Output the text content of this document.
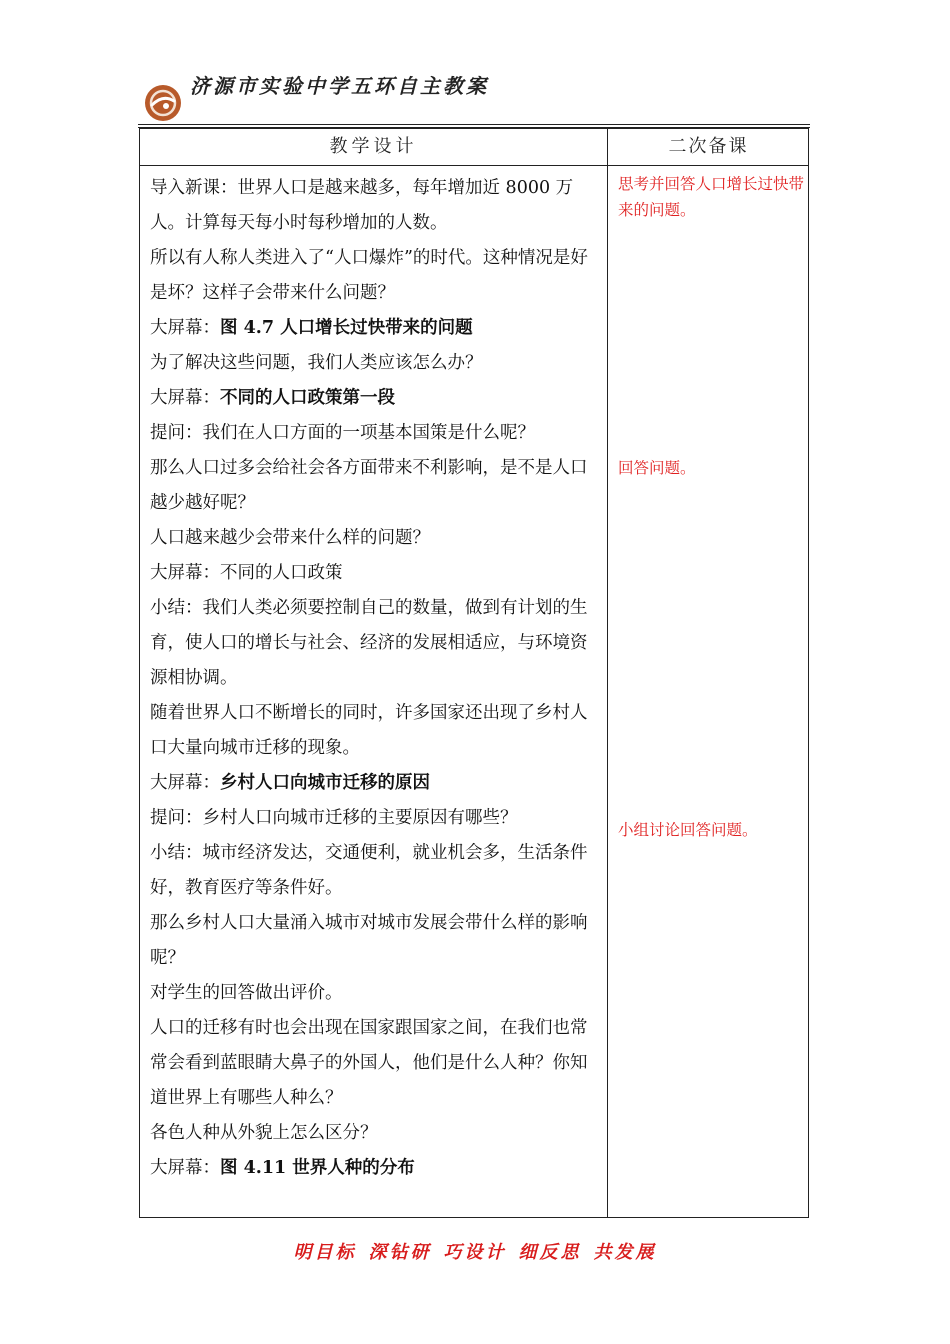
济源市实验中学五环自主教案
教学设计	二次备课

导入新课：世界人口是越来越多，每年增加近 8000 万人。计算每天每小时每秒增加的人数。

所以有人称人类进入了“人口爆炸”的时代。这种情况是好是坏？这样子会带来什么问题？

大屏幕：图 4.7 人口增长过快带来的问题

为了解决这些问题，我们人类应该怎么办？

大屏幕：不同的人口政策第一段

提问：我们在人口方面的一项基本国策是什么呢？

那么人口过多会给社会各方面带来不利影响，是不是人口越少越好呢？

人口越来越少会带来什么样的问题？

大屏幕：不同的人口政策

小结：我们人类必须要控制自己的数量，做到有计划的生育，使人口的增长与社会、经济的发展相适应，与环境资源相协调。

随着世界人口不断增长的同时，许多国家还出现了乡村人口大量向城市迁移的现象。

大屏幕：乡村人口向城市迁移的原因

提问：乡村人口向城市迁移的主要原因有哪些？

小结：城市经济发达，交通便利，就业机会多，生活条件好，教育医疗等条件好。

那么乡村人口大量涌入城市对城市发展会带什么样的影响呢？

对学生的回答做出评价。

人口的迁移有时也会出现在国家跟国家之间，在我们也常常会看到蓝眼睛大鼻子的外国人，他们是什么人种？你知道世界上有哪些人种么？

各色人种从外貌上怎么区分？

大屏幕：图 4.11 世界人种的分布

思考并回答人口增长过快带来的问题。
回答问题。
小组讨论回答问题。
明目标 深钻研 巧设计 细反思 共发展
